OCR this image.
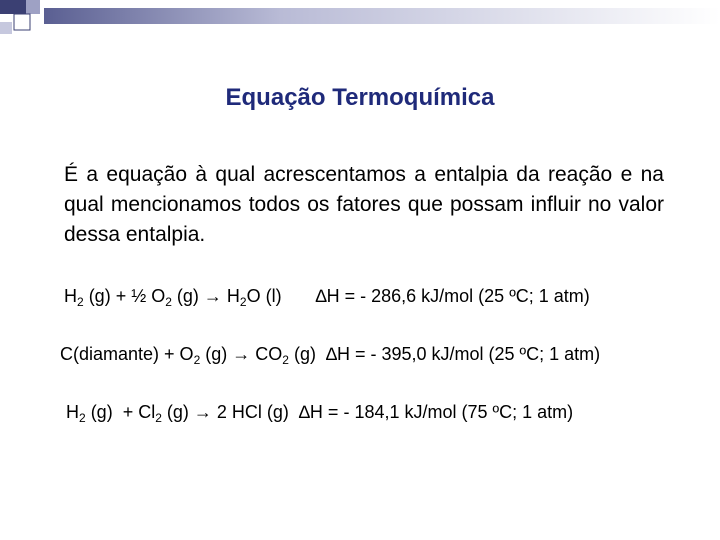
Equação Termoquímica
É a equação à qual acrescentamos a entalpia da reação e na qual mencionamos todos os fatores que possam influir no valor dessa entalpia.
$H_2$ (g) + ½ $O_2$ $(g) \to H_2O$ (l) ∆H = - 286,6 kJ/mol (25 ºC; 1 atm)
C(diamante) + $O_2$ $(g) \to CO_2$ (g) ∆H = - 395,0 kJ/mol (25 ºC; 1 atm)
$H_2$ $(g) + Cl_2$ (g) → 2 HCl (g) ∆H = - 184,1 kJ/mol (75 ºC; 1 atm)
